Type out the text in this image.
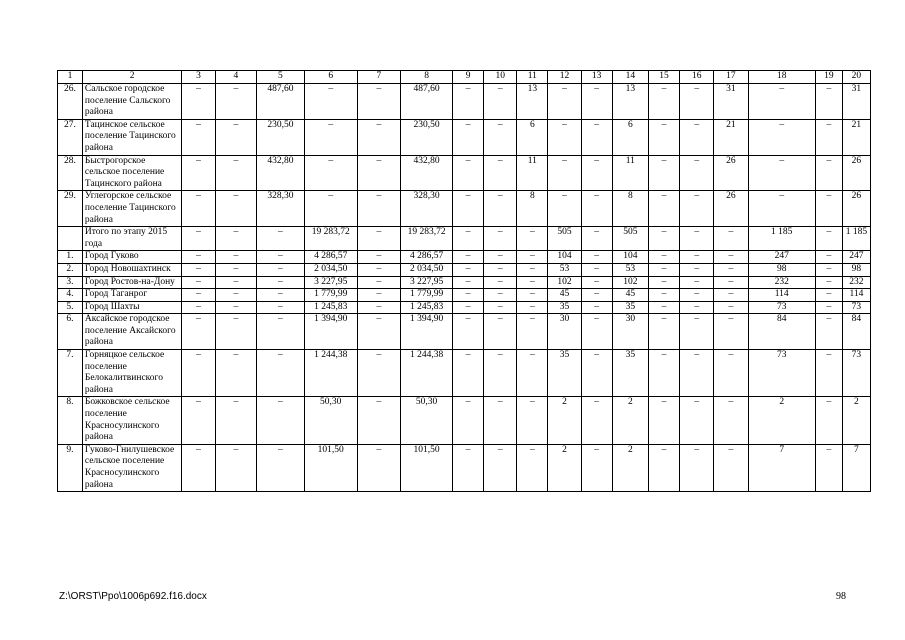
1	2	3	4	5	6	7	8	9	10	11	12	13	14	15	16	17	18	19	20
26.	Сальское городское поселение Сальского района	–	–	487,60	–	–	487,60	–	–	13	–	–	13	–	–	31	–	–	31
27.	Тацинское сельское поселение Тацинского района	–	–	230,50	–	–	230,50	–	–	6	–	–	6	–	–	21	–	–	21
28.	Быстрогорское сельское поселение Тацинского района	–	–	432,80	–	–	432,80	–	–	11	–	–	11	–	–	26	–	–	26
29.	Углегорское сельское поселение Тацинского района	–	–	328,30	–	–	328,30	–	–	8	–	–	8	–	–	26	–	–	26
	Итого по этапу 2015 года	–	–	–	19 283,72	–	19 283,72	–	–	–	505	–	505	–	–	–	1 185	–	1 185
1.	Город Гуково	–	–	–	4 286,57	–	4 286,57	–	–	–	104	–	104	–	–	–	247	–	247
2.	Город Новошахтинск	–	–	–	2 034,50	–	2 034,50	–	–	–	53	–	53	–	–	–	98	–	98
3.	Город Ростов-на-Дону	–	–	–	3 227,95	–	3 227,95	–	–	–	102	–	102	–	–	–	232	–	232
4.	Город Таганрог	–	–	–	1 779,99	–	1 779,99	–	–	–	45	–	45	–	–	–	114	–	114
5.	Город Шахты	–	–	–	1 245,83	–	1 245,83	–	–	–	35	–	35	–	–	–	73	–	73
6.	Аксайское городское поселение Аксайского района	–	–	–	1 394,90	–	1 394,90	–	–	–	30	–	30	–	–	–	84	–	84
7.	Горняцкое сельское поселение Белокалитвинского района	–	–	–	1 244,38	–	1 244,38	–	–	–	35	–	35	–	–	–	73	–	73
8.	Божковское сельское поселение Красносулинского района	–	–	–	50,30	–	50,30	–	–	–	2	–	2	–	–	–	2	–	2
9.	Гуково-Гнилушевское сельское поселение Красносулинского района	–	–	–	101,50	–	101,50	–	–	–	2	–	2	–	–	–	7	–	7
Z:\ORST\Ppo\1006p692.f16.docx	98
